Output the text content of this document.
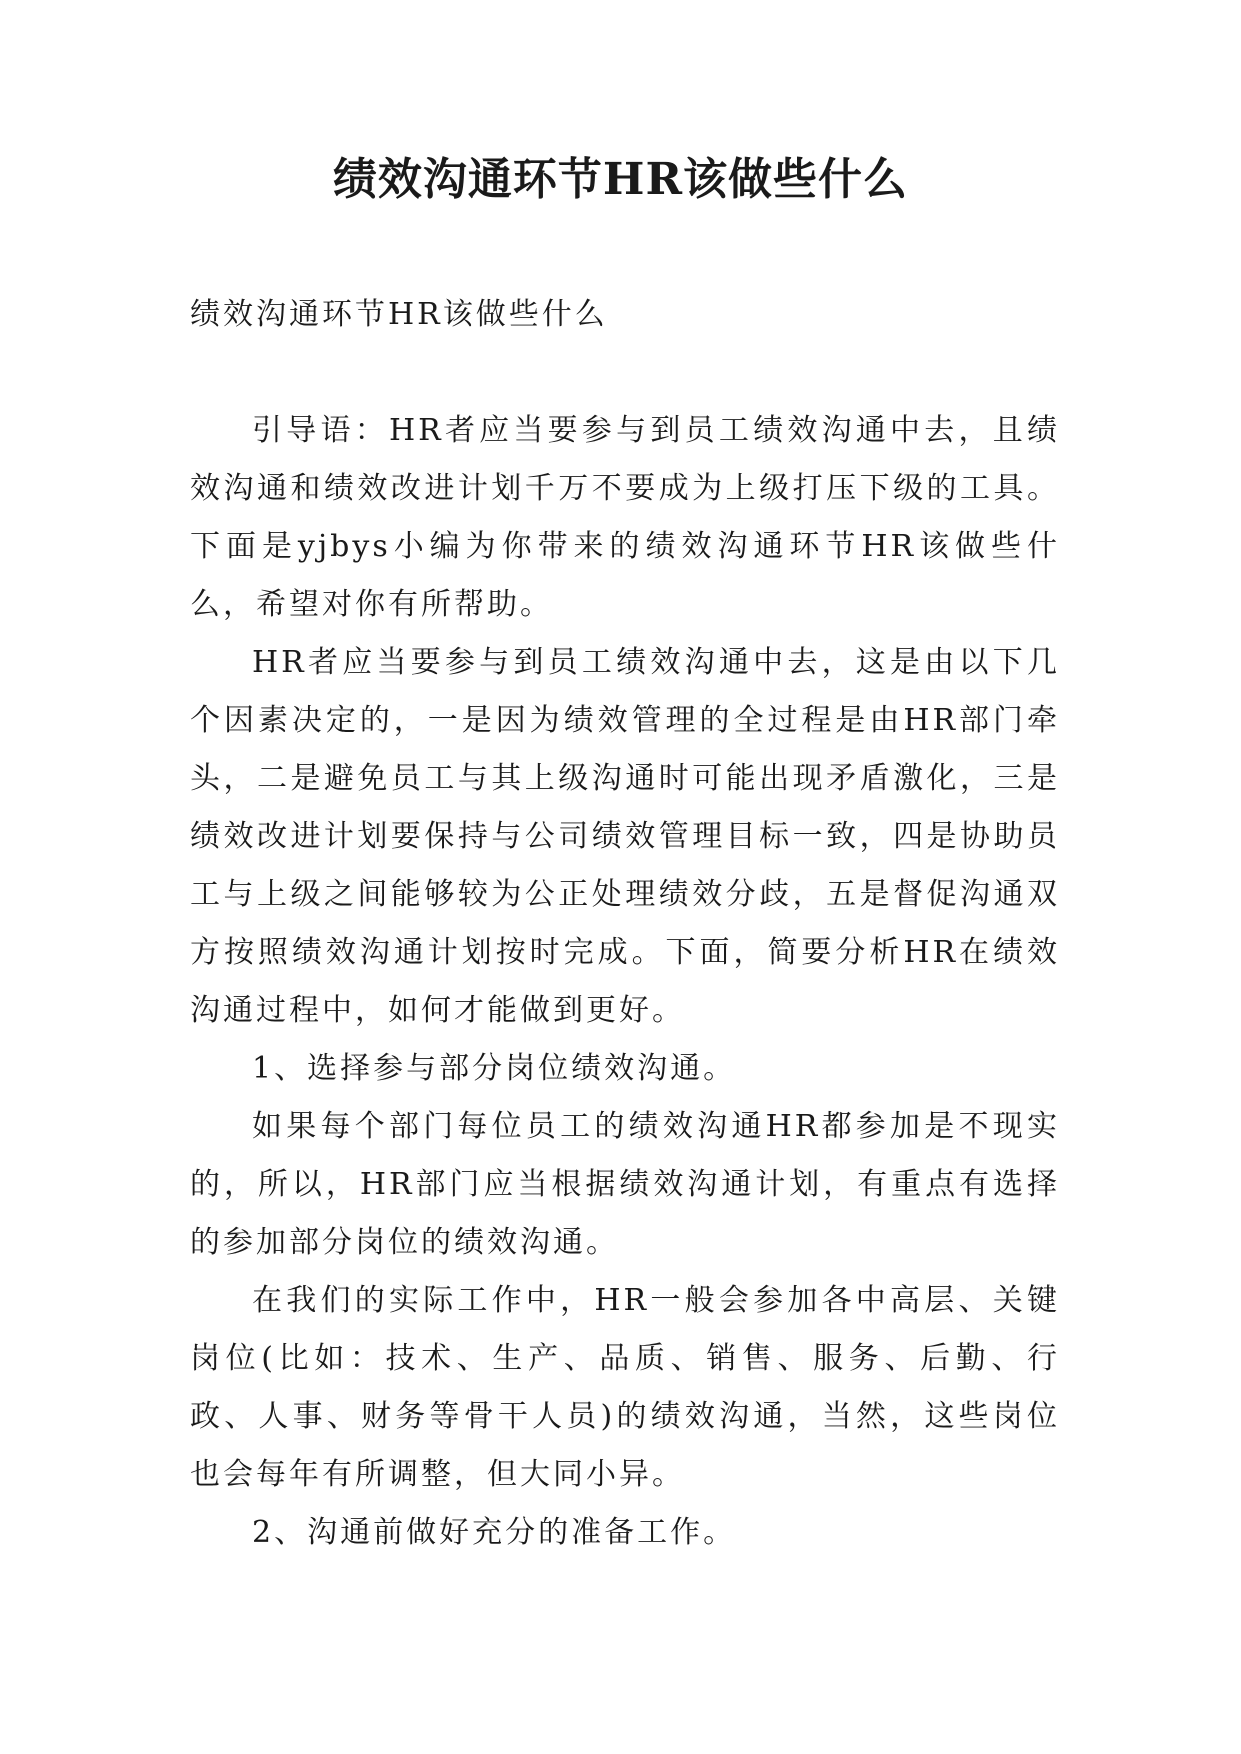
绩效沟通环节HR该做些什么

绩效沟通环节HR该做些什么

引导语：HR者应当要参与到员工绩效沟通中去，且绩效沟通和绩效改进计划千万不要成为上级打压下级的工具。下面是yjbys小编为你带来的绩效沟通环节HR该做些什么，希望对你有所帮助。

HR者应当要参与到员工绩效沟通中去，这是由以下几个因素决定的，一是因为绩效管理的全过程是由HR部门牵头，二是避免员工与其上级沟通时可能出现矛盾激化，三是绩效改进计划要保持与公司绩效管理目标一致，四是协助员工与上级之间能够较为公正处理绩效分歧，五是督促沟通双方按照绩效沟通计划按时完成。下面，简要分析HR在绩效沟通过程中，如何才能做到更好。

1、选择参与部分岗位绩效沟通。

如果每个部门每位员工的绩效沟通HR都参加是不现实的，所以，HR部门应当根据绩效沟通计划，有重点有选择的参加部分岗位的绩效沟通。

在我们的实际工作中，HR一般会参加各中高层、关键岗位(比如：技术、生产、品质、销售、服务、后勤、行政、人事、财务等骨干人员)的绩效沟通，当然，这些岗位也会每年有所调整，但大同小异。

2、沟通前做好充分的准备工作。
